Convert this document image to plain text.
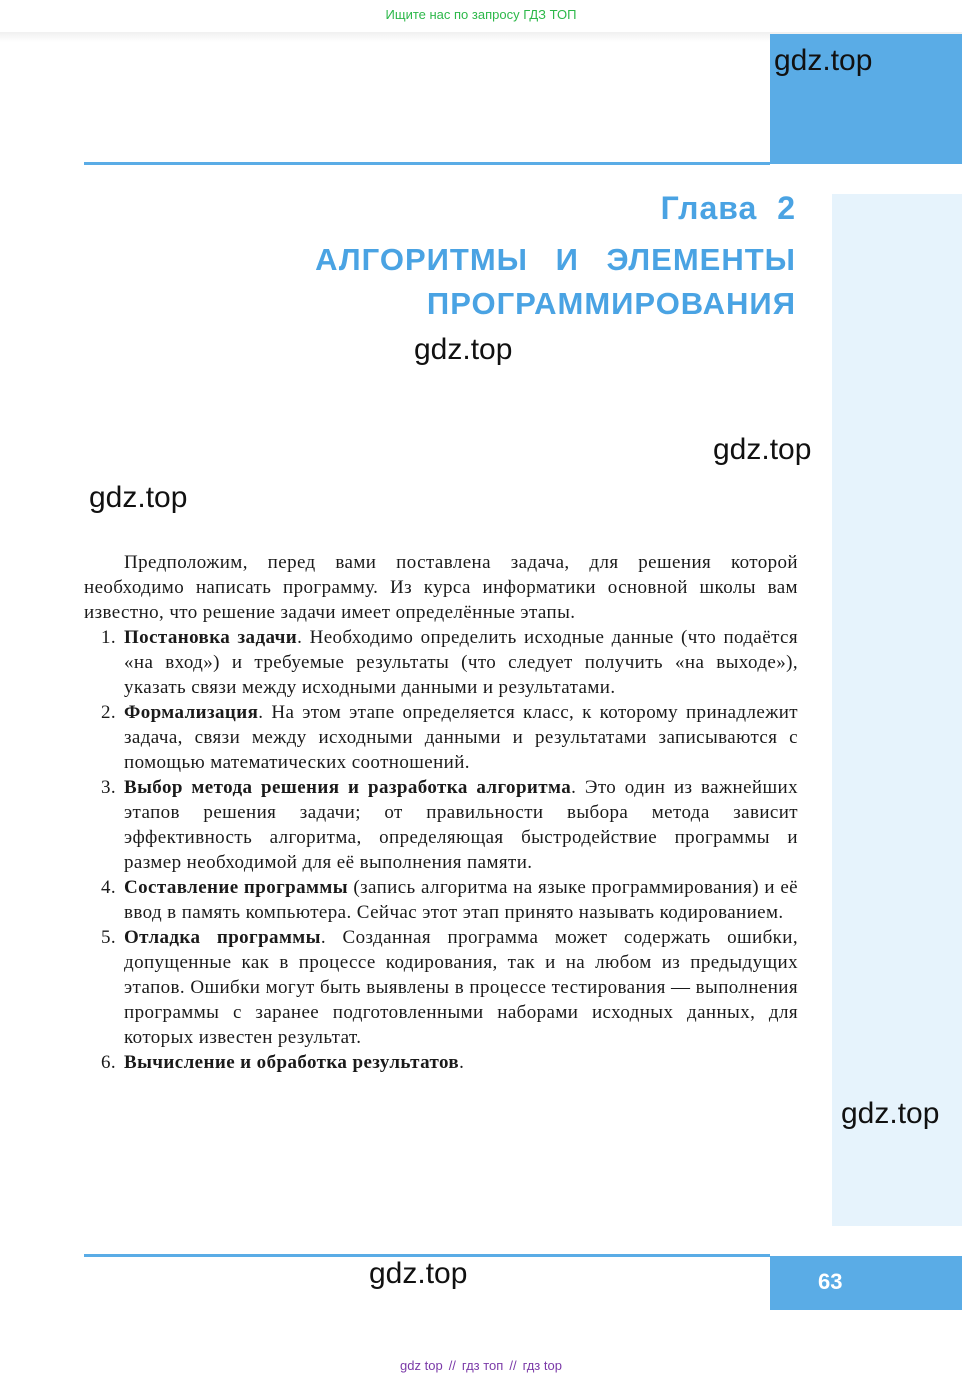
Ищите нас по запросу ГДЗ ТОП
gdz.top
Глава 2
АЛГОРИТМЫ И ЭЛЕМЕНТЫ
ПРОГРАММИРОВАНИЯ
gdz.top
gdz.top
gdz.top

Предположим, перед вами поставлена задача, для решения которой необходимо написать программу. Из курса информатики основной школы вам известно, что решение задачи имеет определённые этапы.

1. Постановка задачи. Необходимо определить исходные данные (что подаётся «на вход») и требуемые результаты (что следует получить «на выходе»), указать связи между исходными данными и результатами.
2. Формализация. На этом этапе определяется класс, к которому принадлежит задача, связи между исходными данными и результатами записываются с помощью математических соотношений.
3. Выбор метода решения и разработка алгоритма. Это один из важнейших этапов решения задачи; от правильности выбора метода зависит эффективность алгоритма, определяющая быстродействие программы и размер необходимой для её выполнения памяти.
4. Составление программы (запись алгоритма на языке программирования) и её ввод в память компьютера. Сейчас этот этап принято называть кодированием.
5. Отладка программы. Созданная программа может содержать ошибки, допущенные как в процессе кодирования, так и на любом из предыдущих этапов. Ошибки могут быть выявлены в процессе тестирования — выполнения программы с заранее подготовленными наборами исходных данных, для которых известен результат.
6. Вычисление и обработка результатов.
gdz.top
gdz.top	63
gdz top // гдз топ // гдз top
